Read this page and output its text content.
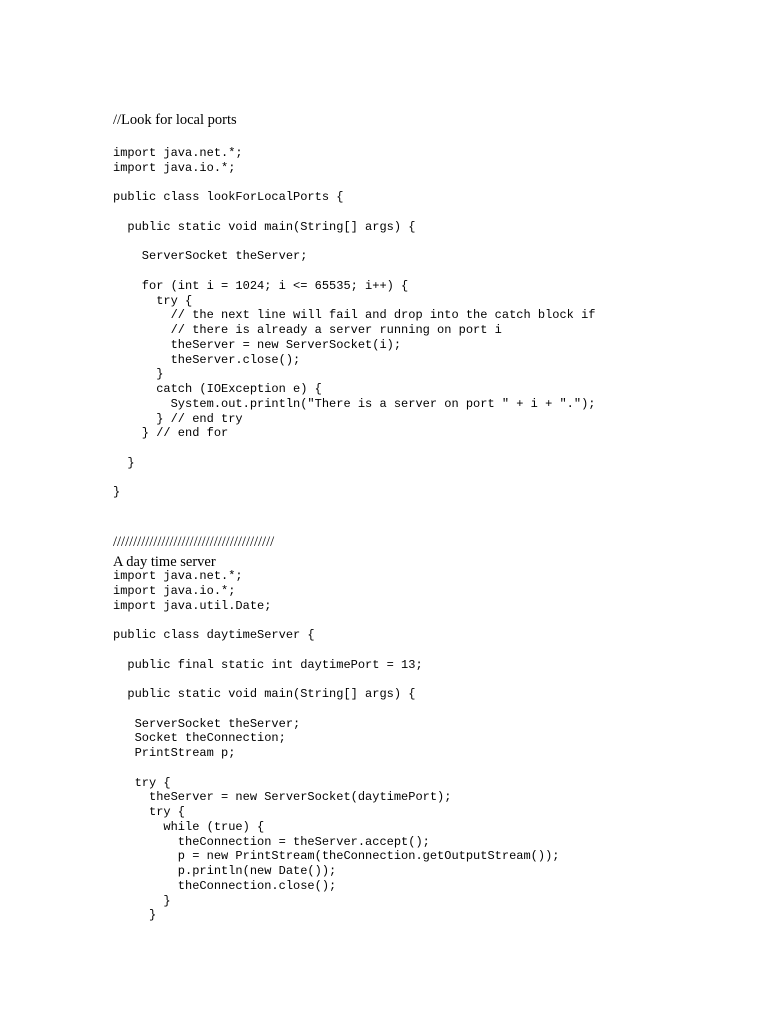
//Look for local ports
import java.net.*;
import java.io.*;
public class lookForLocalPorts {
public static void main(String[] args) {
ServerSocket theServer;
for (int i = 1024; i <= 65535; i++) {
try {
// the next line will fail and drop into the catch block if
// there is already a server running on port i
theServer = new ServerSocket(i);
theServer.close();
}
catch (IOException e) {
System.out.println("There is a server on port " + i + ".");
} // end try
} // end for
}
}
////////////////////////////////////////
A day time server
import java.net.*;
import java.io.*;
import java.util.Date;
public class daytimeServer {
public final static int daytimePort = 13;
public static void main(String[] args) {
ServerSocket theServer;
Socket theConnection;
PrintStream p;
try {
theServer = new ServerSocket(daytimePort);
try {
while (true) {
theConnection = theServer.accept();
p = new PrintStream(theConnection.getOutputStream());
p.println(new Date());
theConnection.close();
}
}
